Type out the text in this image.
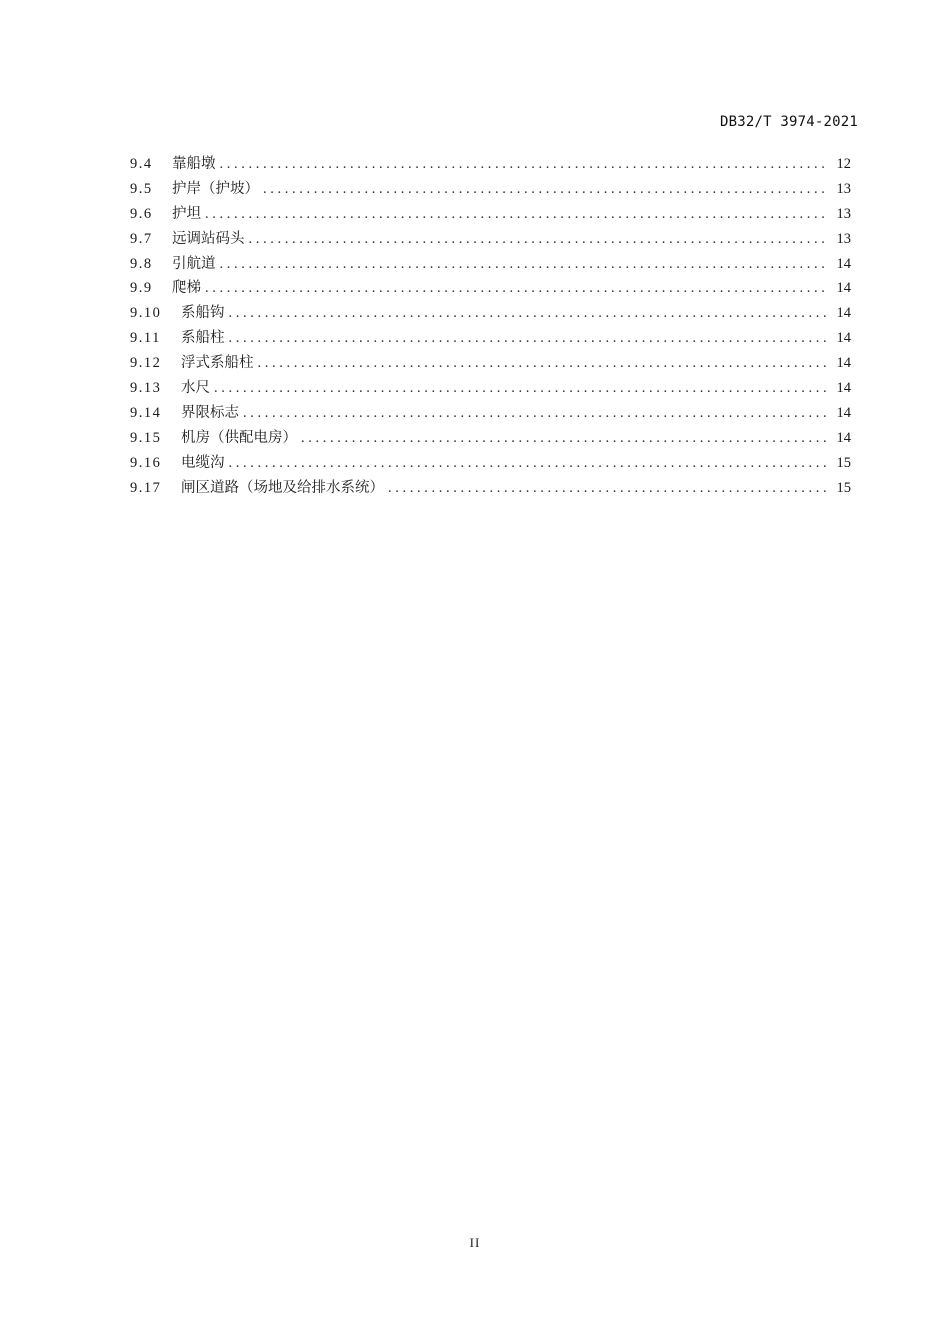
DB32/T 3974-2021
9.4	靠船墩 . . .	12
9.5	护岸（护坡） . . .	13
9.6	护坦 . . .	13
9.7	远调站码头 . . .	13
9.8	引航道 . . .	14
9.9	爬梯 . . .	14
9.10	系船钩 . . .	14
9.11	系船柱 . . .	14
9.12	浮式系船柱 . . .	14
9.13	水尺 . . .	14
9.14	界限标志 . . .	14
9.15	机房（供配电房） . . .	14
9.16	电缆沟 . . .	15
9.17	闸区道路（场地及给排水系统） . . .	15
II
